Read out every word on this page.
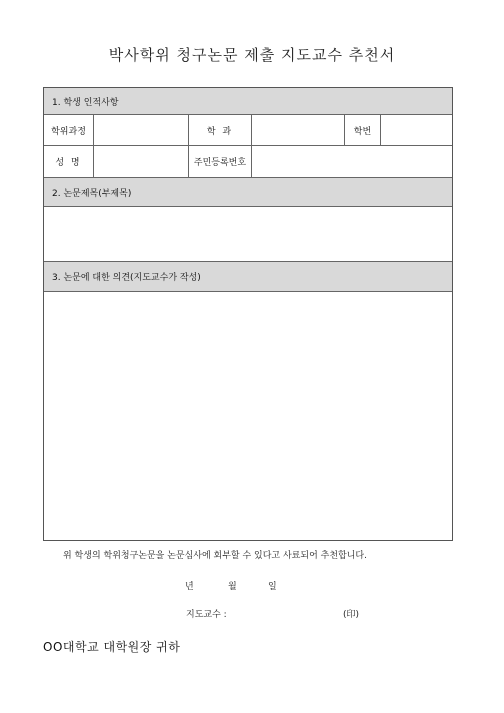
박사학위 청구논문 제출 지도교수 추천서
1. 학생 인적사항
학위과정	학 과	학번
성 명	주민등록번호
2. 논문제목(부제목)
3. 논문에 대한 의견(지도교수가 작성)
위 학생의 학위청구논문을 논문심사에 회부할 수 있다고 사료되어 추천합니다.
년	월	일
지도교수 :	(印)
OO대학교 대학원장 귀하
